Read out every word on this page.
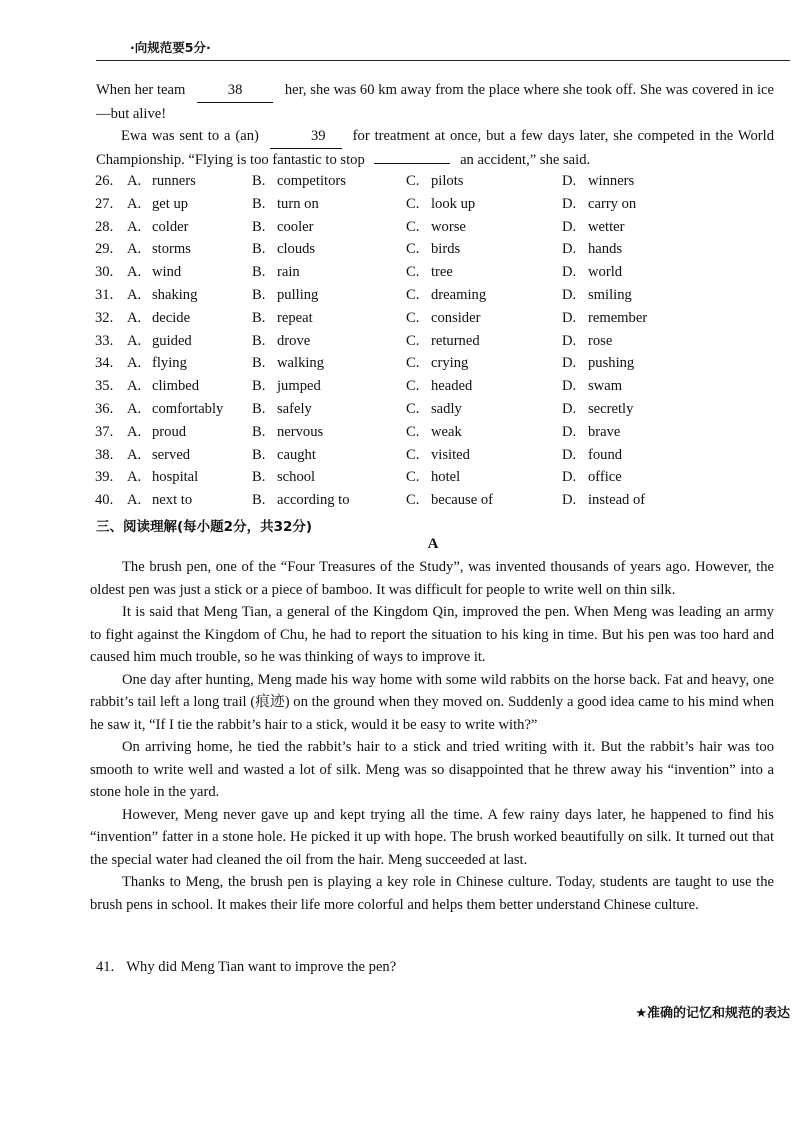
·向规范要5分·

When her team	38	her, she was 60 km away from the place where she took off. She was covered in ice—but alive!

Ewa was sent to a (an)	39 for treatment at once, but a few days later, she competed in the World Championship. “Flying is too fantastic to stop	an accident,” she said.

26. A. runners	B. competitors	C. pilots	D. winners
27. A. get up	B. turn on	C. look up	D. carry on
28. A. colder	B. cooler	C. worse	D. wetter
29. A. storms	B. clouds	C. birds	D. hands
30. A. wind	B. rain	C. tree	D. world
31. A. shaking	B. pulling	C. dreaming	D. smiling
32. A. decide	B. repeat	C. consider	D. remember
33. A. guided	B. drove	C. returned	D. rose
34. A. flying	B. walking	C. crying	D. pushing
35. A. climbed	B. jumped	C. headed	D. swam
36. A. comfortably B. safely	C. sadly	D. secretly
37. A. proud	B. nervous	C. weak	D. brave
38. A. served	B. caught	C. visited	D. found
39. A. hospital	B. school	C. hotel	D. office
40. A. next to	B. according to	C. because of	D. instead of
三、阅读理解(每小题2分，共32分)
A

The brush pen, one of the “Four Treasures of the Study”, was invented thousands of years ago. However, the oldest pen was just a stick or a piece of bamboo. It was difficult for people to write well on thin silk.

It is said that Meng Tian, a general of the Kingdom Qin, improved the pen. When Meng was leading an army to fight against the Kingdom of Chu, he had to report the situation to his king in time. But his pen was too hard and caused him much trouble, so he was thinking of ways to improve it.

One day after hunting, Meng made his way home with some wild rabbits on the horse back. Fat and heavy, one rabbit’s tail left a long trail (痕迹) on the ground when they moved on. Suddenly a good idea came to his mind when he saw it, “If I tie the rabbit’s hair to a stick, would it be easy to write with?”

On arriving home, he tied the rabbit’s hair to a stick and tried writing with it. But the rabbit’s hair was too smooth to write well and wasted a lot of silk. Meng was so disappointed that he threw away his “invention” into a stone hole in the yard.

However, Meng never gave up and kept trying all the time. A few rainy days later, he happened to find his “invention” fatter in a stone hole. He picked it up with hope. The brush worked beautifully on silk. It turned out that the special water had cleaned the oil from the hair. Meng succeeded at last.

Thanks to Meng, the brush pen is playing a key role in Chinese culture. Today, students are taught to use the brush pens in school. It makes their life more colorful and helps them better understand Chinese culture.

41. Why did Meng Tian want to improve the pen?
★准确的记忆和规范的表达
